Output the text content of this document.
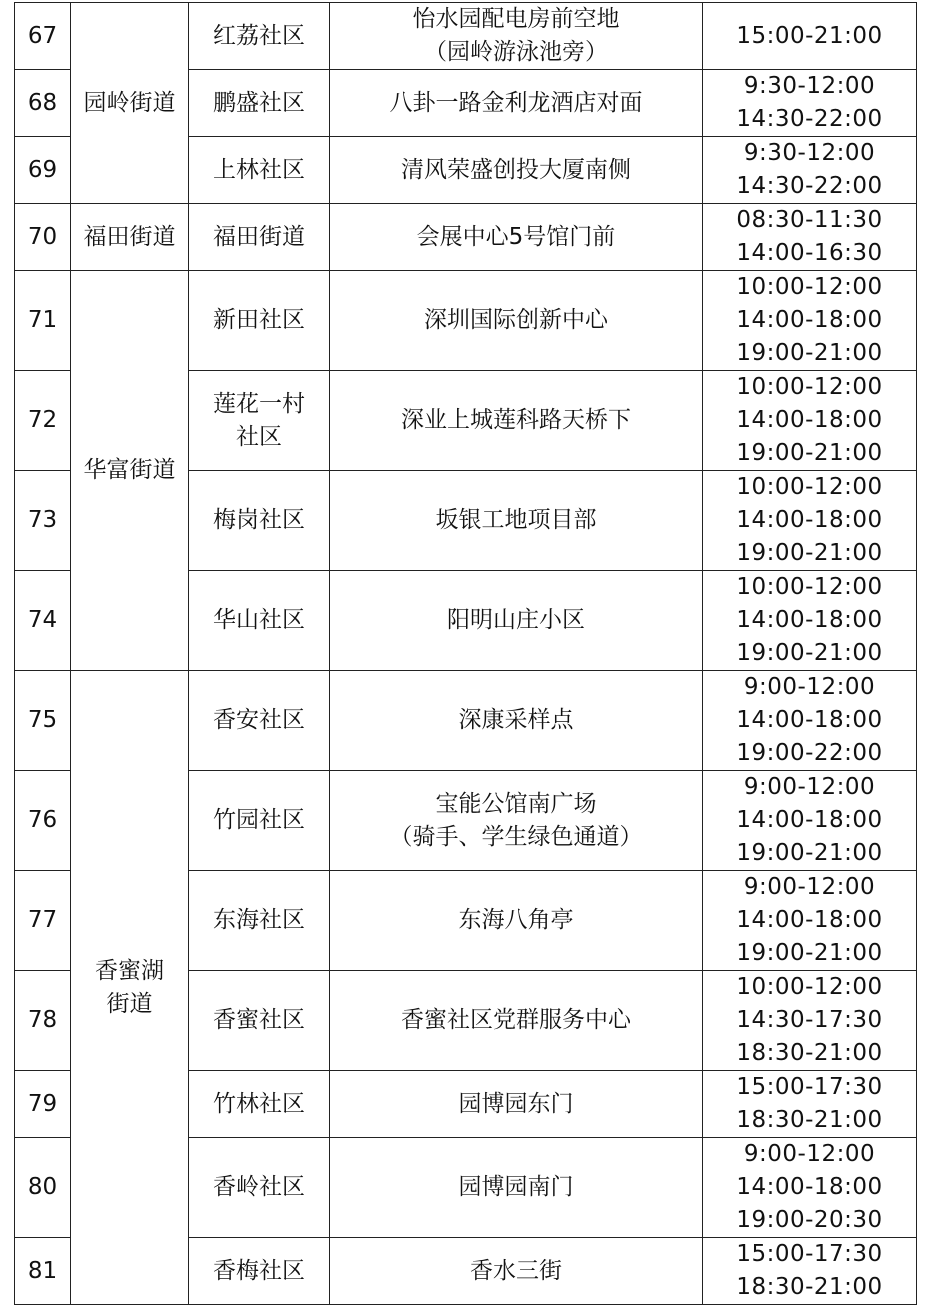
67	园岭街道	红荔社区	怡水园配电房前空地
（园岭游泳池旁）	15:00-21:00

68		鹏盛社区	八卦一路金利龙酒店对面	9:30-12:00
14:30-22:00

69		上林社区	清风荣盛创投大厦南侧	9:30-12:00
14:30-22:00

70	福田街道	福田街道	会展中心5号馆门前	08:30-11:30
14:00-16:30

71	华富街道	新田社区	深圳国际创新中心	10:00-12:00
14:00-18:00
19:00-21:00

72		莲花一村
社区	深业上城莲科路天桥下	10:00-12:00
14:00-18:00
19:00-21:00

73		梅岗社区	坂银工地项目部	10:00-12:00
14:00-18:00
19:00-21:00

74		华山社区	阳明山庄小区	10:00-12:00
14:00-18:00
19:00-21:00

75	香蜜湖
街道	香安社区	深康采样点	9:00-12:00
14:00-18:00
19:00-22:00

76		竹园社区	宝能公馆南广场
（骑手、学生绿色通道）	9:00-12:00
14:00-18:00
19:00-21:00

77		东海社区	东海八角亭	9:00-12:00
14:00-18:00
19:00-21:00

78		香蜜社区	香蜜社区党群服务中心	10:00-12:00
14:30-17:30
18:30-21:00

79		竹林社区	园博园东门	15:00-17:30
18:30-21:00

80		香岭社区	园博园南门	9:00-12:00
14:00-18:00
19:00-20:30

81		香梅社区	香水三街	15:00-17:30
18:30-21:00
